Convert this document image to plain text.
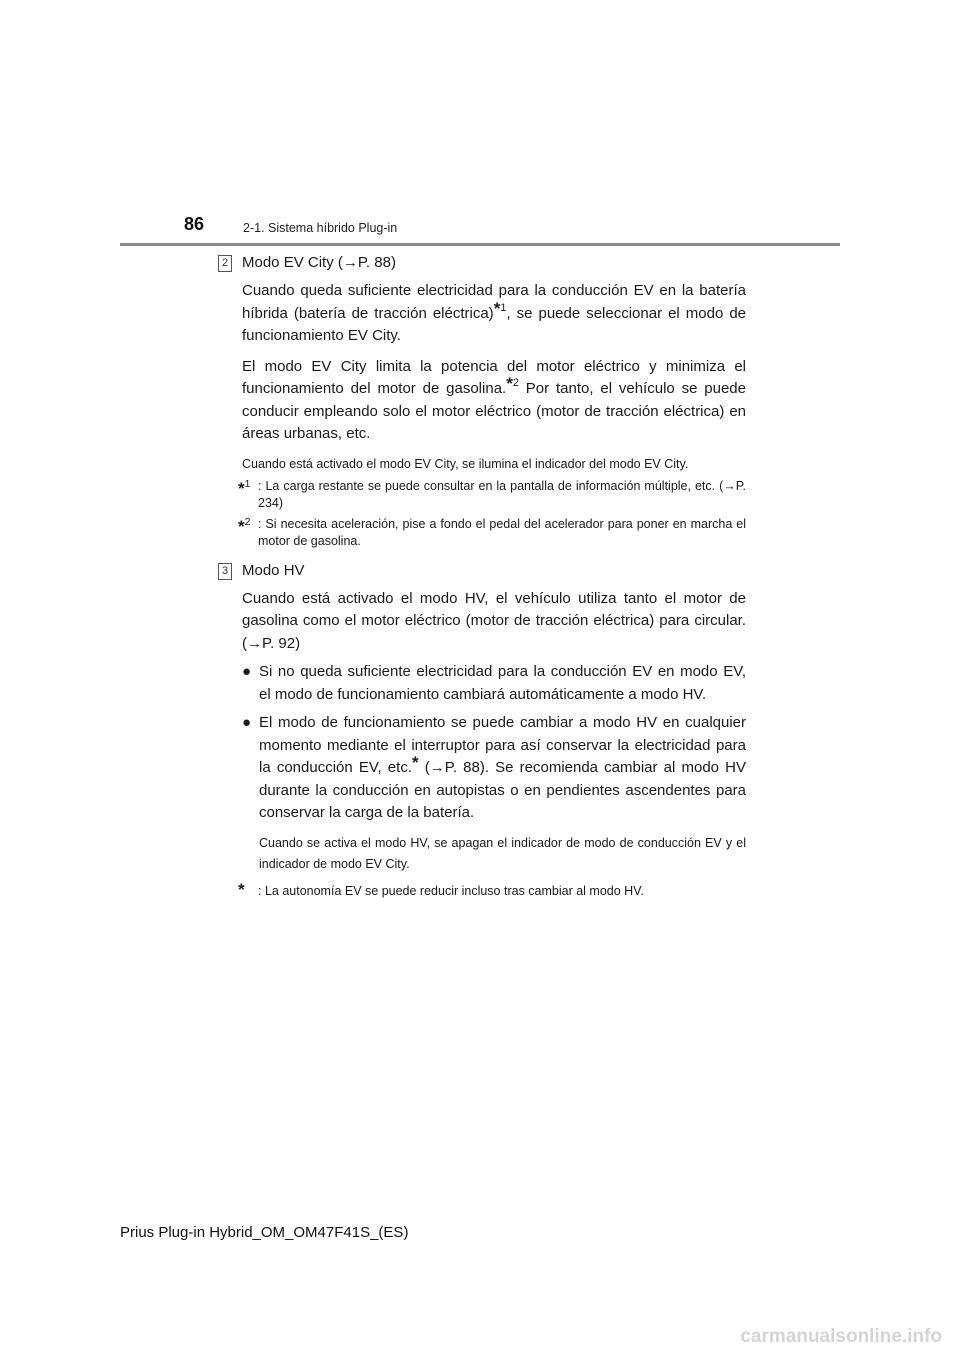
86	2-1. Sistema híbrido Plug-in
2 Modo EV City (→P. 88)

Cuando queda suficiente electricidad para la conducción EV en la batería híbrida (batería de tracción eléctrica)*$^1$, se puede seleccionar el modo de funcionamiento EV City.

El modo EV City limita la potencia del motor eléctrico y minimiza el funcionamiento del motor de gasolina.*$^2$ Por tanto, el vehículo se puede conducir empleando solo el motor eléctrico (motor de tracción eléctrica) en áreas urbanas, etc.

Cuando está activado el modo EV City, se ilumina el indicador del modo EV City.

*$^1$ : La carga restante se puede consultar en la pantalla de información múltiple, etc. (→P. 234)
*$^2$ : Si necesita aceleración, pise a fondo el pedal del acelerador para poner en marcha el motor de gasolina.
3 Modo HV

Cuando está activado el modo HV, el vehículo utiliza tanto el motor de gasolina como el motor eléctrico (motor de tracción eléctrica) para circular. (→P. 92)

● Si no queda suficiente electricidad para la conducción EV en modo EV, el modo de funcionamiento cambiará automáticamente a modo HV.
● El modo de funcionamiento se puede cambiar a modo HV en cualquier momento mediante el interruptor para así conservar la electricidad para la conducción EV, etc.* (→P. 88). Se recomienda cambiar al modo HV durante la conducción en autopistas o en pendientes ascendentes para conservar la carga de la batería.

Cuando se activa el modo HV, se apagan el indicador de modo de conducción EV y el indicador de modo EV City.

* : La autonomía EV se puede reducir incluso tras cambiar al modo HV.
Prius Plug-in Hybrid_OM_OM47F41S_(ES)
carmanualsonline.info
